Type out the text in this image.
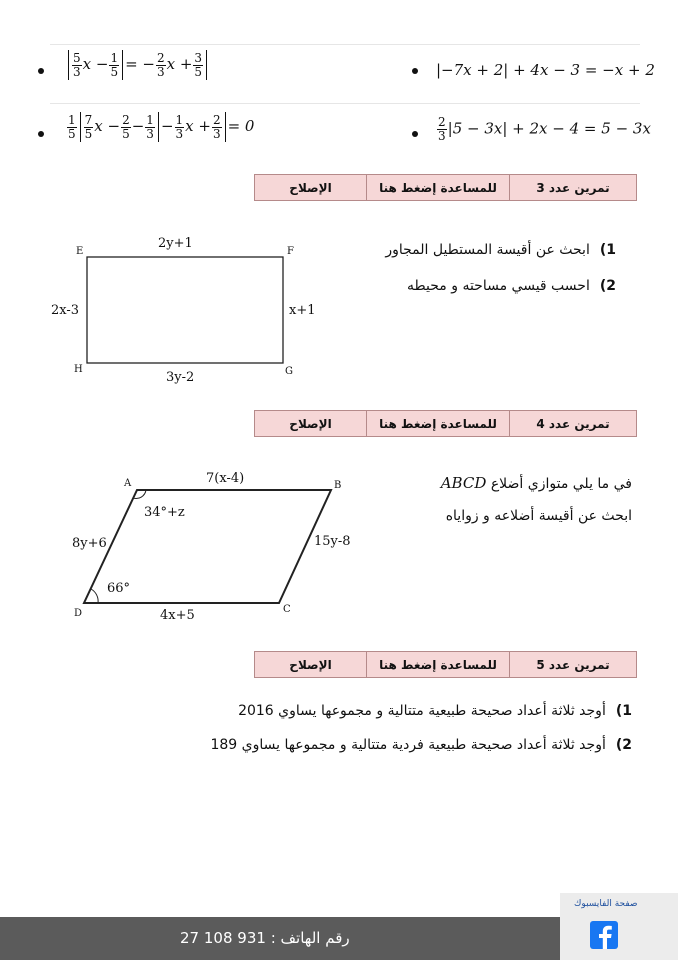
$\frac{5}{3}$ $x - \frac{1}{5}$ = − $\frac{2}{3}$ $x + \frac{3}{5}$	|−7x + 2| + 4x − 3 = −x + 2
$\frac{1}{5} \frac{7}{5}$ $x - \frac{2}{5} - \frac{1}{3} - \frac{1}{3}$ $x + \frac{2}{3} = 0$	$\frac{2}{3} |5 - 3x| + 2x - 4 = 5 - 3x$
الإصلاح	للمساعدة إضغط هنا	تمرين عدد 3
1)ابحث عن أقيسة المستطيل المجاور
2)احسب قيسي مساحته و محيطه
E	F
H	G
2y+1
3y-2
2x-3	x+1
الإصلاح	للمساعدة إضغط هنا	تمرين عدد 4
في ما يلي متوازي أضلاع ABCD
ابحث عن أقيسة أضلاعه و زواياه
A	B
C
D
7(x-4)
4x+5
8y+6	15y-8
34°+z
66°
الإصلاح	للمساعدة إضغط هنا	تمرين عدد 5
1)أوجد ثلاثة أعداد صحيحة طبيعية متتالية و مجموعها يساوي 2016
2)أوجد ثلاثة أعداد صحيحة طبيعية فردية متتالية و مجموعها يساوي 189
رقم الهاتف : 931 108 27
صفحة الفايسبوك
